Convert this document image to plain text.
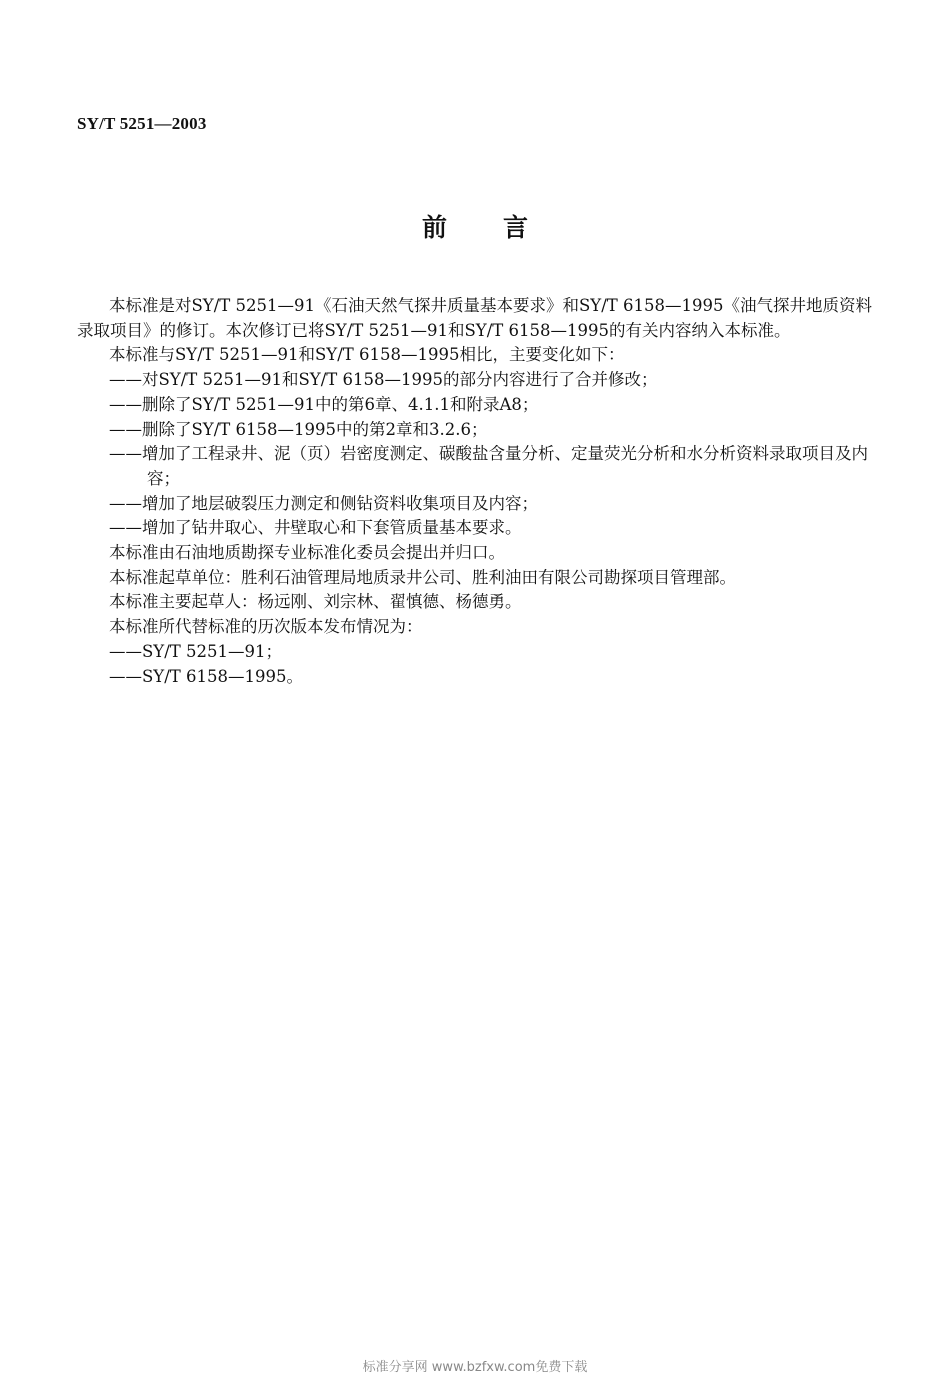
SY/T 5251—2003
前 言

本标准是对SY/T 5251—91《石油天然气探井质量基本要求》和SY/T 6158—1995《油气探井地质资料录取项目》的修订。本次修订已将SY/T 5251—91和SY/T 6158—1995的有关内容纳入本标准。

本标准与SY/T 5251—91和SY/T 6158—1995相比，主要变化如下：

——对SY/T 5251—91和SY/T 6158—1995的部分内容进行了合并修改；

——删除了SY/T 5251—91中的第6章、4.1.1和附录A8；

——删除了SY/T 6158—1995中的第2章和3.2.6；

——增加了工程录井、泥（页）岩密度测定、碳酸盐含量分析、定量荧光分析和水分析资料录取项目及内容；

——增加了地层破裂压力测定和侧钻资料收集项目及内容；

——增加了钻井取心、井壁取心和下套管质量基本要求。

本标准由石油地质勘探专业标准化委员会提出并归口。

本标准起草单位：胜利石油管理局地质录井公司、胜利油田有限公司勘探项目管理部。

本标准主要起草人：杨远刚、刘宗林、翟慎德、杨德勇。

本标准所代替标准的历次版本发布情况为：

——SY/T 5251—91；

——SY/T 6158—1995。

标准分享网 www.bzfxw.com免费下载
